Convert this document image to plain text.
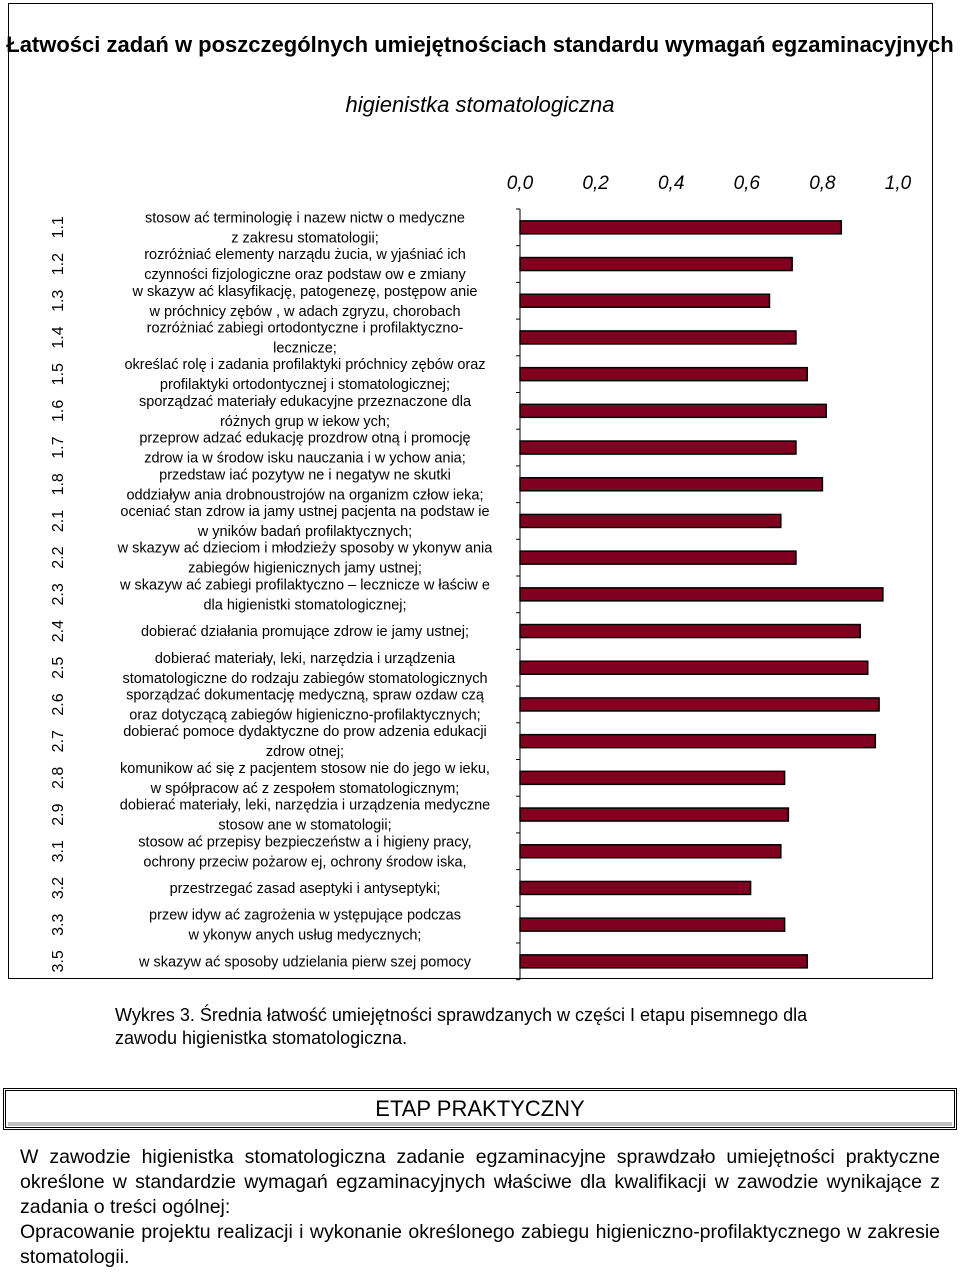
Łatwości zadań w poszczególnych umiejętnościach standardu wymagań egzaminacyjnych
higienistka stomatologiczna
0,0	0,2	0,4	0,6	0,8	1,0
stosow ać terminologię i nazew nictw o medyczne
z zakresu stomatologii;
1.1
rozróżniać elementy narządu żucia, w yjaśniać ich
czynności fizjologiczne oraz podstaw ow e zmiany
1.2
w skazyw ać klasyfikację, patogenezę, postępow anie
w próchnicy zębów , w adach zgryzu, chorobach
1.3
rozróżniać zabiegi ortodontyczne i profilaktyczno-
lecznicze;
1.4
określać rolę i zadania profilaktyki próchnicy zębów oraz
profilaktyki ortodontycznej i stomatologicznej;
1.5
sporządzać materiały edukacyjne przeznaczone dla
różnych grup w iekow ych;
1.6
przeprow adzać edukację prozdrow otną i promocję
zdrow ia w środow isku nauczania i w ychow ania;
1.7
przedstaw iać pozytyw ne i negatyw ne skutki
oddziaływ ania drobnoustrojów na organizm człow ieka;
1.8
oceniać stan zdrow ia jamy ustnej pacjenta na podstaw ie
w yników badań profilaktycznych;
2.1
w skazyw ać dzieciom i młodzieży sposoby w ykonyw ania
zabiegów higienicznych jamy ustnej;
2.2
w skazyw ać zabiegi profilaktyczno – lecznicze w łaściw e
dla higienistki stomatologicznej;
2.3
dobierać działania promujące zdrow ie jamy ustnej;
2.4
dobierać materiały, leki, narzędzia i urządzenia
stomatologiczne do rodzaju zabiegów stomatologicznych
2.5
sporządzać dokumentację medyczną, spraw ozdaw czą
oraz dotyczącą zabiegów higieniczno-profilaktycznych;
2.6
dobierać pomoce dydaktyczne do prow adzenia edukacji
zdrow otnej;
2.7
komunikow ać się z pacjentem stosow nie do jego w ieku,
w spółpracow ać z zespołem stomatologicznym;
2.8
dobierać materiały, leki, narzędzia i urządzenia medyczne
stosow ane w stomatologii;
2.9
stosow ać przepisy bezpieczeństw a i higieny pracy,
ochrony przeciw pożarow ej, ochrony środow iska,
3.1
przestrzegać zasad aseptyki i antyseptyki;
3.2
przew idyw ać zagrożenia w ystępujące podczas
w ykonyw anych usług medycznych;
3.3
w skazyw ać sposoby udzielania pierw szej pomocy
3.5
Wykres 3. Średnia łatwość umiejętności sprawdzanych w części I etapu pisemnego dla
zawodu higienistka stomatologiczna.
ETAP PRAKTYCZNY

W zawodzie higienistka stomatologiczna zadanie egzaminacyjne sprawdzało umiejętności praktyczne określone w standardzie wymagań egzaminacyjnych właściwe dla kwalifikacji w zawodzie wynikające z zadania o treści ogólnej:

Opracowanie projektu realizacji i wykonanie określonego zabiegu higieniczno-profilaktycznego w zakresie stomatologii.
